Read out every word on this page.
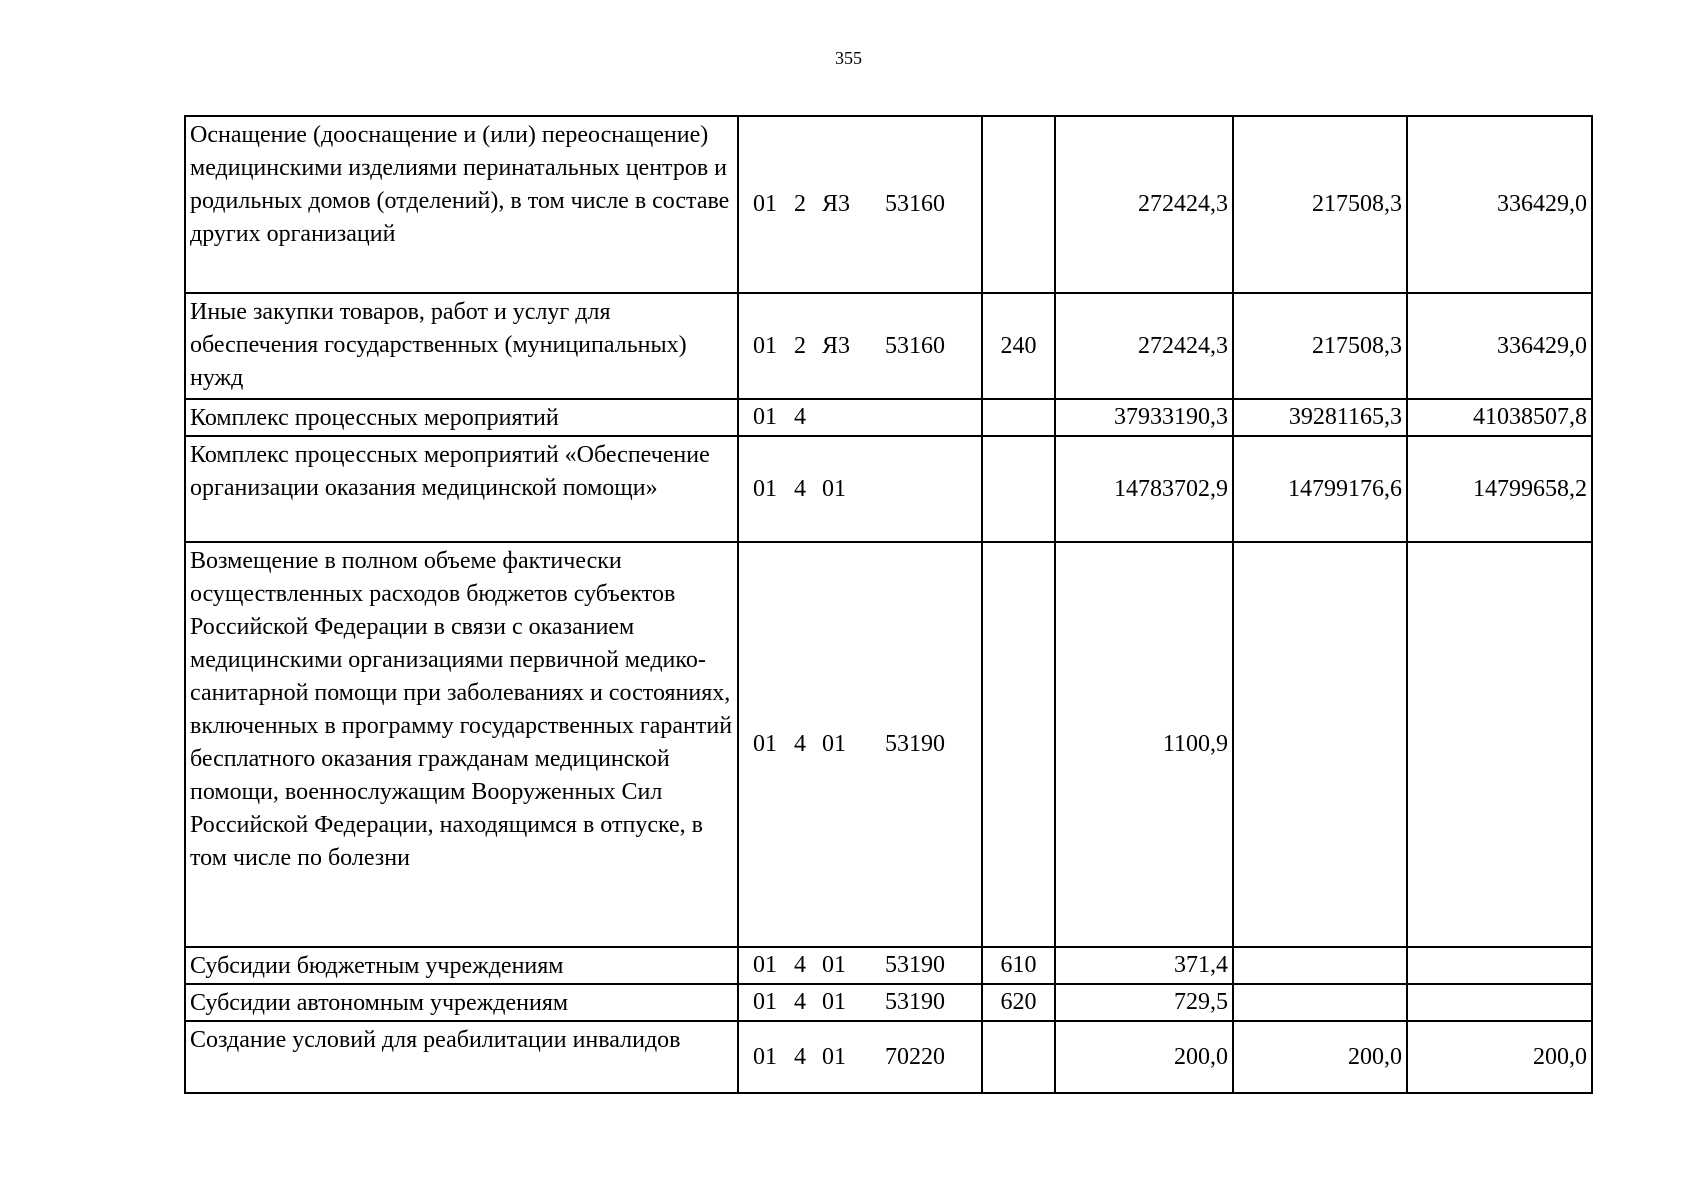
355
Оснащение (дооснащение и (или) переоснащение) медицинскими изделиями перинатальных центров и родильных домов (отделений), в том числе в составе других организаций	01 2 Я3 53160		272424,3	217508,3	336429,0
Иные закупки товаров, работ и услуг для обеспечения государственных (муниципальных) нужд	01 2 Я3 53160	240	272424,3	217508,3	336429,0
Комплекс процессных мероприятий	01 4		37933190,3	39281165,3	41038507,8
Комплекс процессных мероприятий «Обеспечение организации оказания медицинской помощи»	01 4 01		14783702,9	14799176,6	14799658,2
Возмещение в полном объеме фактически осуществленных расходов бюджетов субъектов Российской Федерации в связи с оказанием медицинскими организациями первичной медико-санитарной помощи при заболеваниях и состояниях, включенных в программу государственных гарантий бесплатного оказания гражданам медицинской помощи, военнослужащим Вооруженных Сил Российской Федерации, находящимся в отпуске, в том числе по болезни	01 4 01 53190		1100,9		
Субсидии бюджетным учреждениям	01 4 01 53190	610	371,4		
Субсидии автономным учреждениям	01 4 01 53190	620	729,5		
Создание условий для реабилитации инвалидов	01 4 01 70220		200,0	200,0	200,0
